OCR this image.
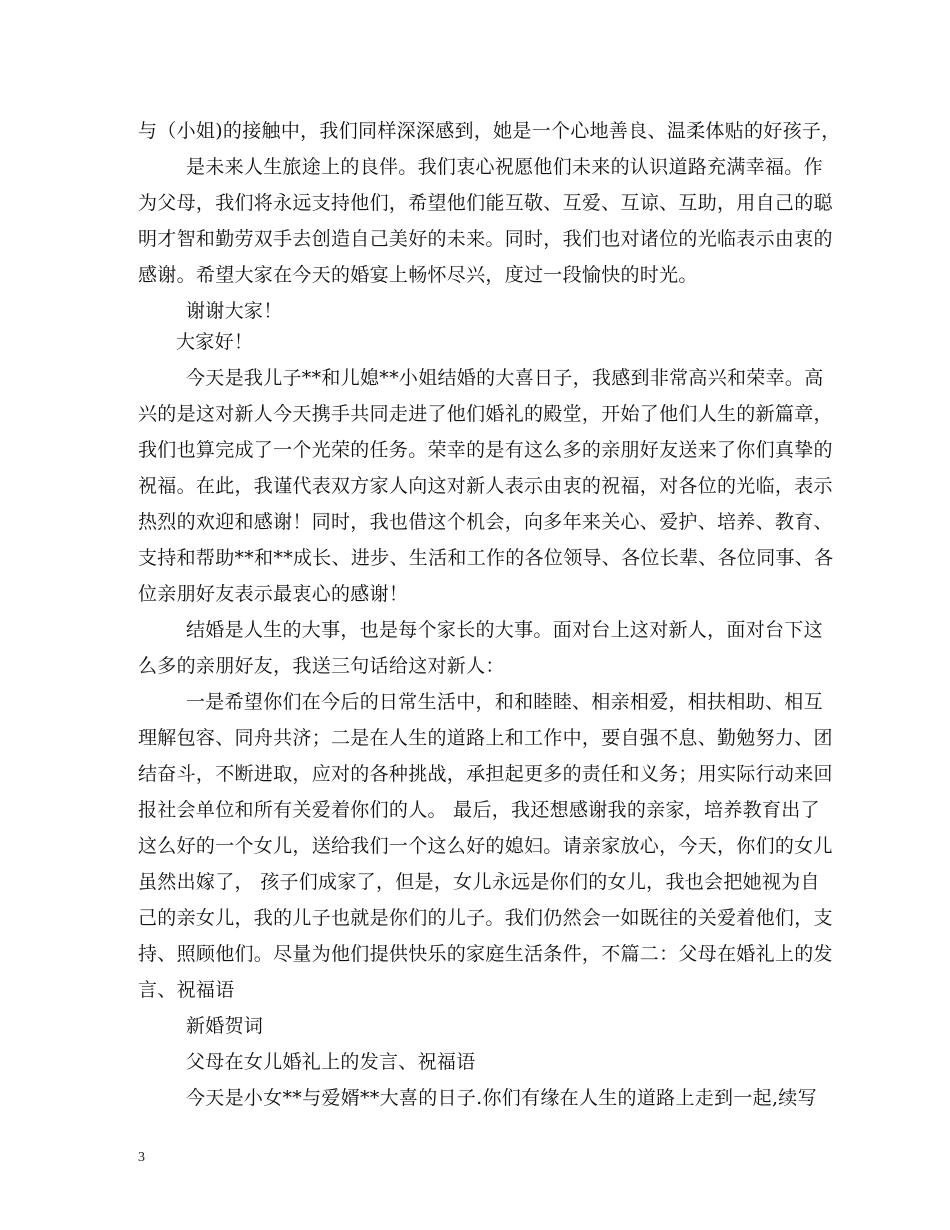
与（小姐)的接触中，我们同样深深感到，她是一个心地善良、温柔体贴的好孩子，
是未来人生旅途上的良伴。我们衷心祝愿他们未来的认识道路充满幸福。作
为父母，我们将永远支持他们，希望他们能互敬、互爱、互谅、互助，用自己的聪
明才智和勤劳双手去创造自己美好的未来。同时，我们也对诸位的光临表示由衷的
感谢。希望大家在今天的婚宴上畅怀尽兴，度过一段愉快的时光。
谢谢大家！
大家好！
今天是我儿子**和儿媳**小姐结婚的大喜日子，我感到非常高兴和荣幸。高
兴的是这对新人今天携手共同走进了他们婚礼的殿堂，开始了他们人生的新篇章，
我们也算完成了一个光荣的任务。荣幸的是有这么多的亲朋好友送来了你们真挚的
祝福。在此，我谨代表双方家人向这对新人表示由衷的祝福，对各位的光临，表示
热烈的欢迎和感谢！同时，我也借这个机会，向多年来关心、爱护、培养、教育、
支持和帮助**和**成长、进步、生活和工作的各位领导、各位长辈、各位同事、各
位亲朋好友表示最衷心的感谢！
结婚是人生的大事，也是每个家长的大事。面对台上这对新人，面对台下这
么多的亲朋好友，我送三句话给这对新人：
一是希望你们在今后的日常生活中，和和睦睦、相亲相爱，相扶相助、相互
理解包容、同舟共济；二是在人生的道路上和工作中，要自强不息、勤勉努力、团
结奋斗，不断进取，应对的各种挑战，承担起更多的责任和义务；用实际行动来回
报社会单位和所有关爱着你们的人。 最后，我还想感谢我的亲家，培养教育出了
这么好的一个女儿，送给我们一个这么好的媳妇。请亲家放心，今天，你们的女儿
虽然出嫁了， 孩子们成家了，但是，女儿永远是你们的女儿，我也会把她视为自
己的亲女儿，我的儿子也就是你们的儿子。我们仍然会一如既往的关爱着他们，支
持、照顾他们。尽量为他们提供快乐的家庭生活条件，不篇二：父母在婚礼上的发
言、祝福语
新婚贺词
父母在女儿婚礼上的发言、祝福语
今天是小女**与爱婿**大喜的日子.你们有缘在人生的道路上走到一起,续写
3
